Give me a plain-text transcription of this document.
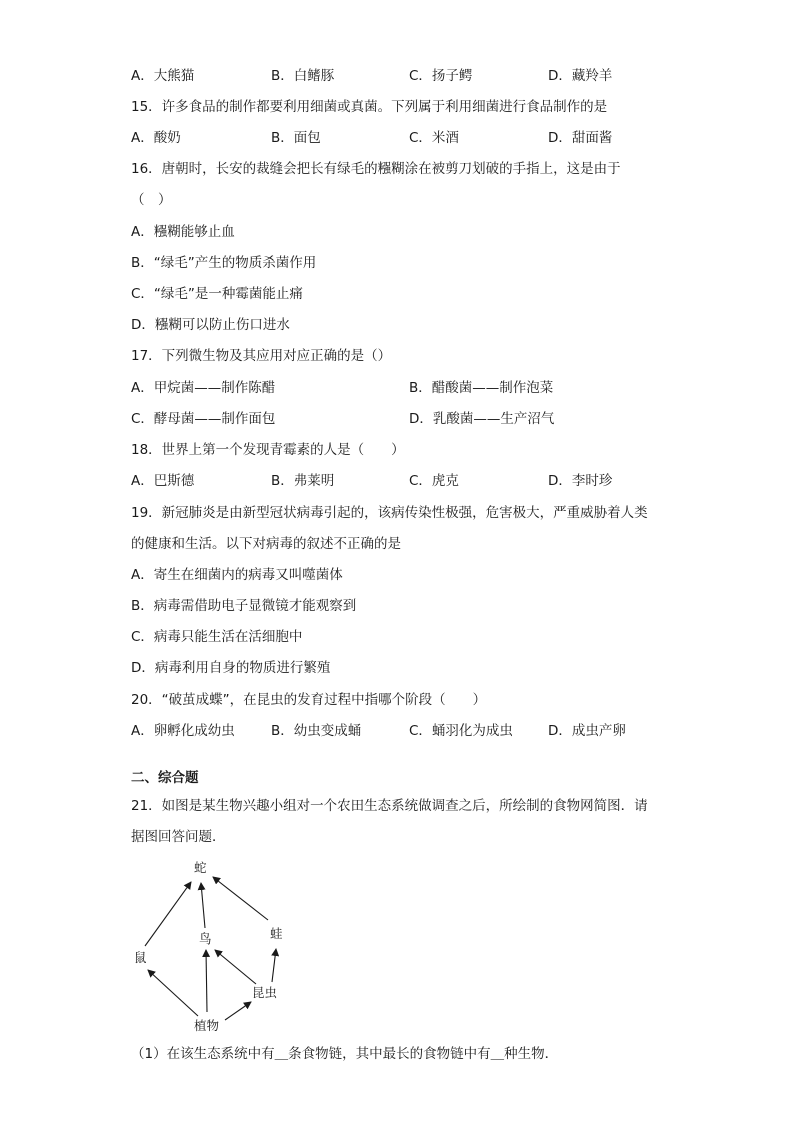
A．大熊猫	B．白鳍豚	C．扬子鳄	D．藏羚羊
15．许多食品的制作都要利用细菌或真菌。下列属于利用细菌进行食品制作的是
A．酸奶	B．面包	C．米酒	D．甜面酱
16．唐朝时，长安的裁缝会把长有绿毛的糨糊涂在被剪刀划破的手指上，这是由于
（　）
A．糨糊能够止血
B．“绿毛”产生的物质杀菌作用
C．“绿毛”是一种霉菌能止痛
D．糨糊可以防止伤口进水
17．下列微生物及其应用对应正确的是（）
A．甲烷菌——制作陈醋	B．醋酸菌——制作泡菜
C．酵母菌——制作面包	D．乳酸菌——生产沼气
18．世界上第一个发现青霉素的人是（　　）
A．巴斯德	B．弗莱明	C．虎克	D．李时珍
19．新冠肺炎是由新型冠状病毒引起的，该病传染性极强，危害极大，严重威胁着人类
的健康和生活。以下对病毒的叙述不正确的是
A．寄生在细菌内的病毒又叫噬菌体
B．病毒需借助电子显微镜才能观察到
C．病毒只能生活在活细胞中
D．病毒利用自身的物质进行繁殖
20．“破茧成蝶”，在昆虫的发育过程中指哪个阶段（　　）
A．卵孵化成幼虫	B．幼虫变成蛹	C．蛹羽化为成虫	D．成虫产卵
二、综合题
21．如图是某生物兴趣小组对一个农田生态系统做调查之后，所绘制的食物网简图．请
据图回答问题．
蛇
鸟	蛙
鼠
昆虫
植物
（1）在该生态系统中有＿条食物链，其中最长的食物链中有＿种生物．
